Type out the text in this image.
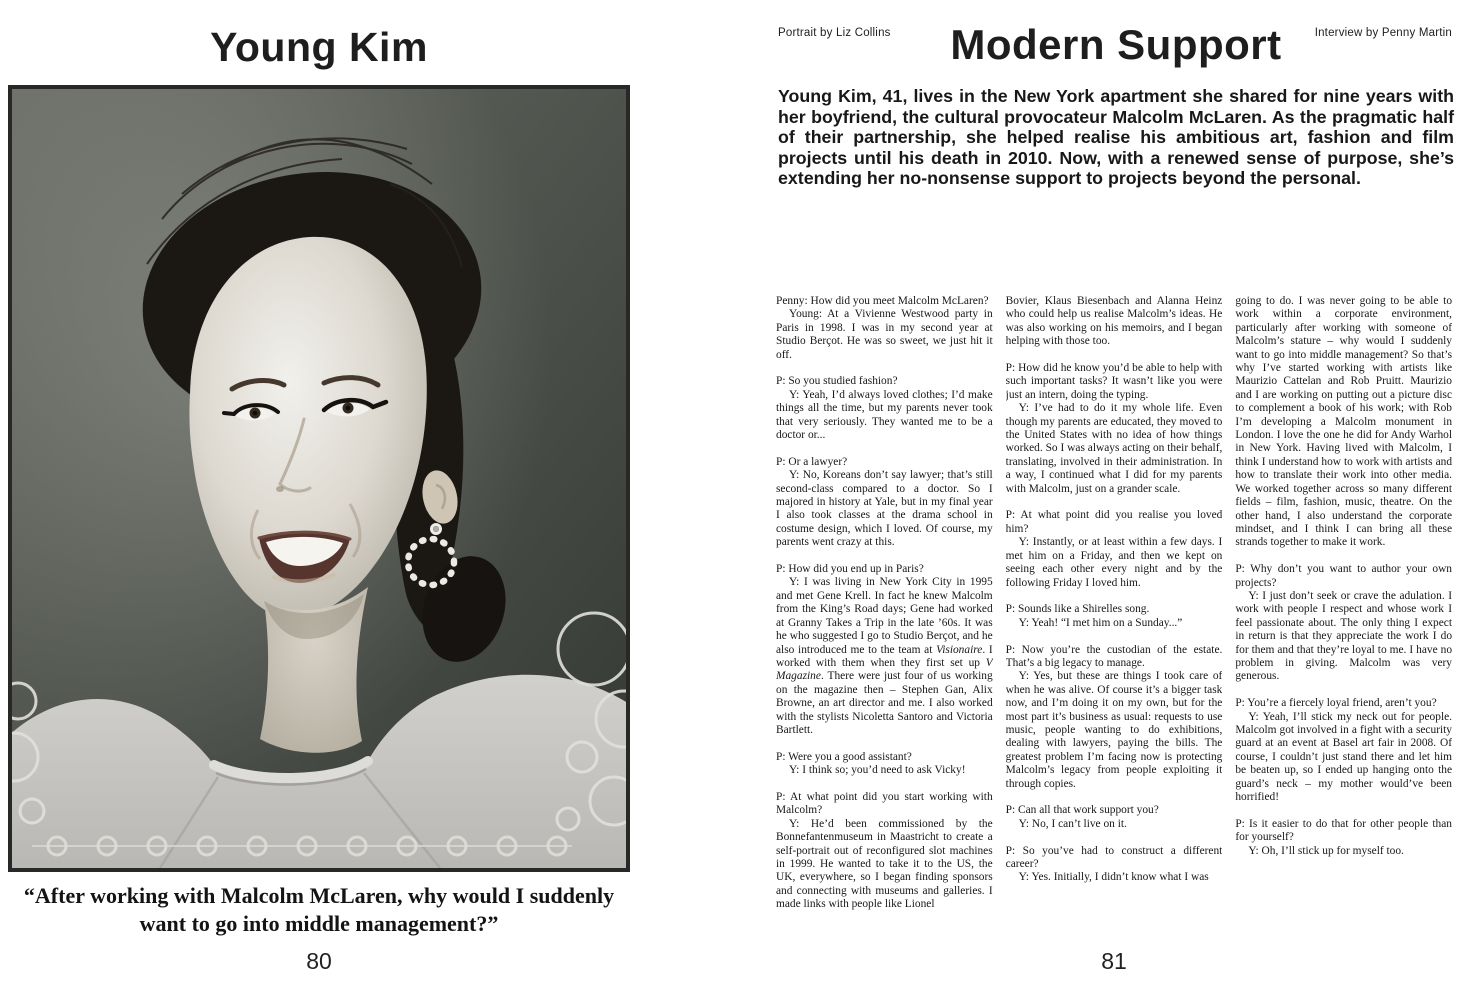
Young Kim
“After working with Malcolm McLaren, why would I suddenly
want to go into middle management?”
80
Portrait by Liz Collins	Modern Support	Interview by Penny Martin
Young Kim, 41, lives in the New York apartment she shared for nine years with her boyfriend, the cultural provocateur Malcolm McLaren. As the pragmatic half of their partnership, she helped realise his ambitious art, fashion and film projects until his death in 2010. Now, with a renewed sense of purpose, she’s extending her no-nonsense support to projects beyond the personal.

Penny: How did you meet Malcolm McLaren?

Young: At a Vivienne Westwood party in Paris in 1998. I was in my second year at Studio Berçot. He was so sweet, we just hit it off.

P: So you studied fashion?

Y: Yeah, I’d always loved clothes; I’d make things all the time, but my parents never took that very seriously. They wanted me to be a doctor or...

P: Or a lawyer?

Y: No, Koreans don’t say lawyer; that’s still second-class compared to a doctor. So I majored in history at Yale, but in my final year I also took classes at the drama school in costume design, which I loved. Of course, my parents went crazy at this.

P: How did you end up in Paris?

Y: I was living in New York City in 1995 and met Gene Krell. In fact he knew Malcolm from the King’s Road days; Gene had worked at Granny Takes a Trip in the late ’60s. It was he who suggested I go to Studio Berçot, and he also introduced me to the team at Visionaire. I worked with them when they first set up V Magazine. There were just four of us working on the magazine then – Stephen Gan, Alix Browne, an art director and me. I also worked with the stylists Nicoletta Santoro and Victoria Bartlett.

P: Were you a good assistant?

Y: I think so; you’d need to ask Vicky!

P: At what point did you start working with Malcolm?

Y: He’d been commissioned by the Bonnefantenmuseum in Maastricht to create a self-portrait out of reconfigured slot machines in 1999. He wanted to take it to the US, the UK, everywhere, so I began finding sponsors and connecting with museums and galleries. I made links with people like Lionel

Bovier, Klaus Biesenbach and Alanna Heinz who could help us realise Malcolm’s ideas. He was also working on his memoirs, and I began helping with those too.

P: How did he know you’d be able to help with such important tasks? It wasn’t like you were just an intern, doing the typing.

Y: I’ve had to do it my whole life. Even though my parents are educated, they moved to the United States with no idea of how things worked. So I was always acting on their behalf, translating, involved in their administration. In a way, I continued what I did for my parents with Malcolm, just on a grander scale.

P: At what point did you realise you loved him?

Y: Instantly, or at least within a few days. I met him on a Friday, and then we kept on seeing each other every night and by the following Friday I loved him.

P: Sounds like a Shirelles song.

Y: Yeah! “I met him on a Sunday...”

P: Now you’re the custodian of the estate. That’s a big legacy to manage.

Y: Yes, but these are things I took care of when he was alive. Of course it’s a bigger task now, and I’m doing it on my own, but for the most part it’s business as usual: requests to use music, people wanting to do exhibitions, dealing with lawyers, paying the bills. The greatest problem I’m facing now is protecting Malcolm’s legacy from people exploiting it through copies.

P: Can all that work support you?

Y: No, I can’t live on it.

P: So you’ve had to construct a different career?

Y: Yes. Initially, I didn’t know what I was

going to do. I was never going to be able to work within a corporate environment, particularly after working with someone of Malcolm’s stature – why would I suddenly want to go into middle management? So that’s why I’ve started working with artists like Maurizio Cattelan and Rob Pruitt. Maurizio and I are working on putting out a picture disc to complement a book of his work; with Rob I’m developing a Malcolm monument in London. I love the one he did for Andy Warhol in New York. Having lived with Malcolm, I think I understand how to work with artists and how to translate their work into other media. We worked together across so many different fields – film, fashion, music, theatre. On the other hand, I also understand the corporate mindset, and I think I can bring all these strands together to make it work.

P: Why don’t you want to author your own projects?

Y: I just don’t seek or crave the adulation. I work with people I respect and whose work I feel passionate about. The only thing I expect in return is that they appreciate the work I do for them and that they’re loyal to me. I have no problem in giving. Malcolm was very generous.

P: You’re a fiercely loyal friend, aren’t you?

Y: Yeah, I’ll stick my neck out for people. Malcolm got involved in a fight with a security guard at an event at Basel art fair in 2008. Of course, I couldn’t just stand there and let him be beaten up, so I ended up hanging onto the guard’s neck – my mother would’ve been horrified!

P: Is it easier to do that for other people than for yourself?

Y: Oh, I’ll stick up for myself too.

81
